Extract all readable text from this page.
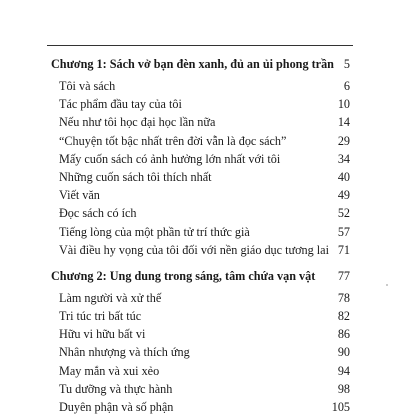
Chương 1: Sách vở bạn đèn xanh, đủ an ủi phong trần 5
Tôi và sách	6
Tác phẩm đầu tay của tôi	10
Nếu như tôi học đại học lần nữa	14
“Chuyện tốt bậc nhất trên đời vẫn là đọc sách”	29
Mấy cuốn sách có ảnh hưởng lớn nhất với tôi	34
Những cuốn sách tôi thích nhất	40
Viết văn	49
Đọc sách có ích	52
Tiếng lòng của một phần tử trí thức già	57
Vài điều hy vọng của tôi đối với nền giáo dục tương lai 71
Chương 2: Ung dung trong sáng, tâm chứa vạn vật 77
Làm người và xử thế	78
Tri túc tri bất túc	82
Hữu vi hữu bất vi	86
Nhân nhượng và thích ứng	90
May mắn và xui xẻo	94
Tu dưỡng và thực hành	98
Duyên phận và số phận	105
